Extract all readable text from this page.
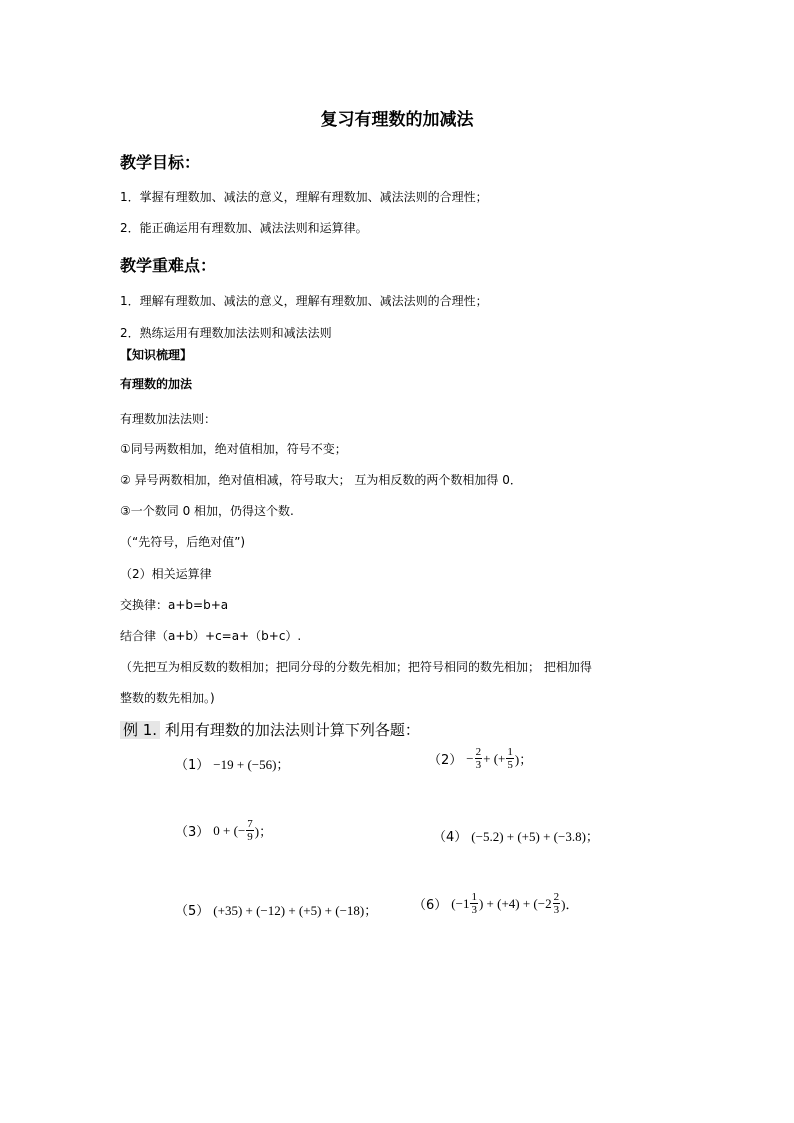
复习有理数的加减法
教学目标：
1．掌握有理数加、减法的意义，理解有理数加、减法法则的合理性；
2．能正确运用有理数加、减法法则和运算律。
教学重难点：
1．理解有理数加、减法的意义，理解有理数加、减法法则的合理性；
2．熟练运用有理数加法法则和减法法则
【知识梳理】
有理数的加法
有理数加法法则：
①同号两数相加，绝对值相加，符号不变；
② 异号两数相加，绝对值相减，符号取大； 互为相反数的两个数相加得 0．
③一个数同 0 相加，仍得这个数.
（“先符号，后绝对值”)
（2）相关运算律
交换律：a+b=b+a
结合律（a+b）+c=a+（b+c）.
（先把互为相反数的数相加；把同分母的分数先相加；把符号相同的数先相加； 把相加得
整数的数先相加。)
例 1. 利用有理数的加法法则计算下列各题：
（1） −19 + (−56)；	$(2) - \frac{2}{3}$ + (+ $\frac{1}{5}$ )；
（3） 0 + (− $\frac{7}{9}$ )；	（4） (−5.2) + (+5) + (−3.8)；
（5） (+35) + (−12) + (+5) + (−18)；	（6） ($-1 \frac{1}{3}$ ) + $(+4) + (-2 \frac{2}{3}$ )．
